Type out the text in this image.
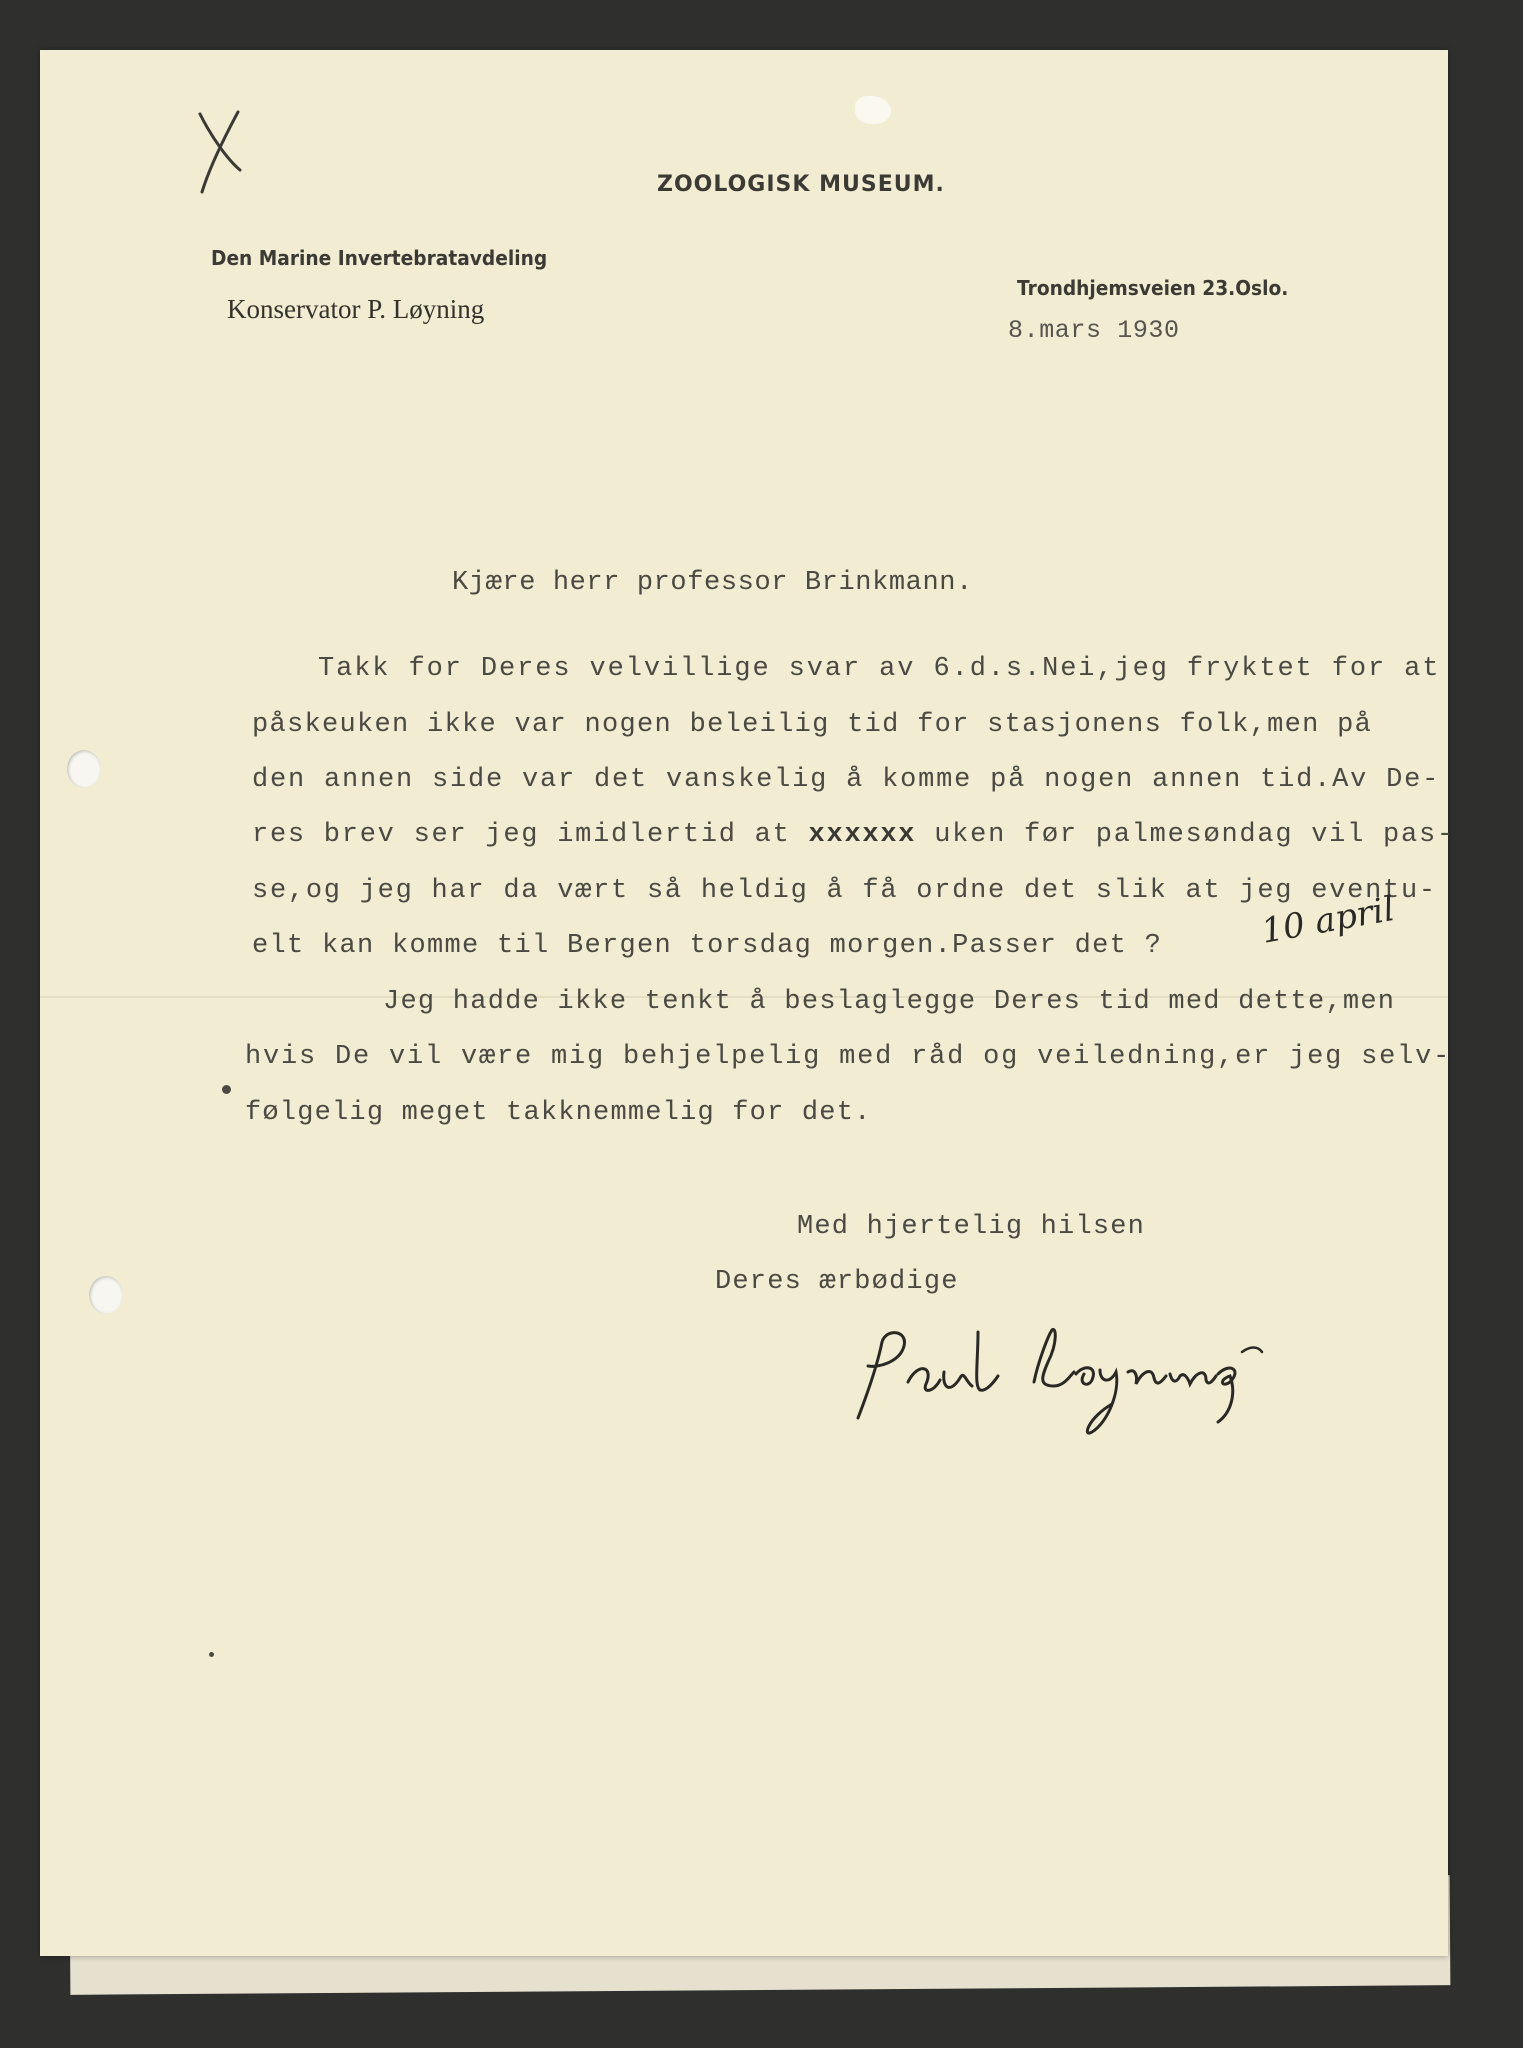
ZOOLOGISK MUSEUM.

Den Marine Invertebratavdeling

Konservator P. Løyning

Trondhjemsveien 23.Oslo.

8.mars 1930

Kjære herr professor Brinkmann.

Takk for Deres velvillige svar av 6.d.s.Nei,jeg fryktet for at

påskeuken ikke var nogen beleilig tid for stasjonens folk,men på

den annen side var det vanskelig å komme på nogen annen tid.Av De-

res brev ser jeg imidlertid at xxxxxx uken før palmesøndag vil pas-

se,og jeg har da vært så heldig å få ordne det slik at jeg eventu-

elt kan komme til Bergen torsdag morgen.Passer det ?

Jeg hadde ikke tenkt å beslaglegge Deres tid med dette,men

hvis De vil være mig behjelpelig med råd og veiledning,er jeg selv-

følgelig meget takknemmelig for det.

10 april

Med hjertelig hilsen

Deres ærbødige
